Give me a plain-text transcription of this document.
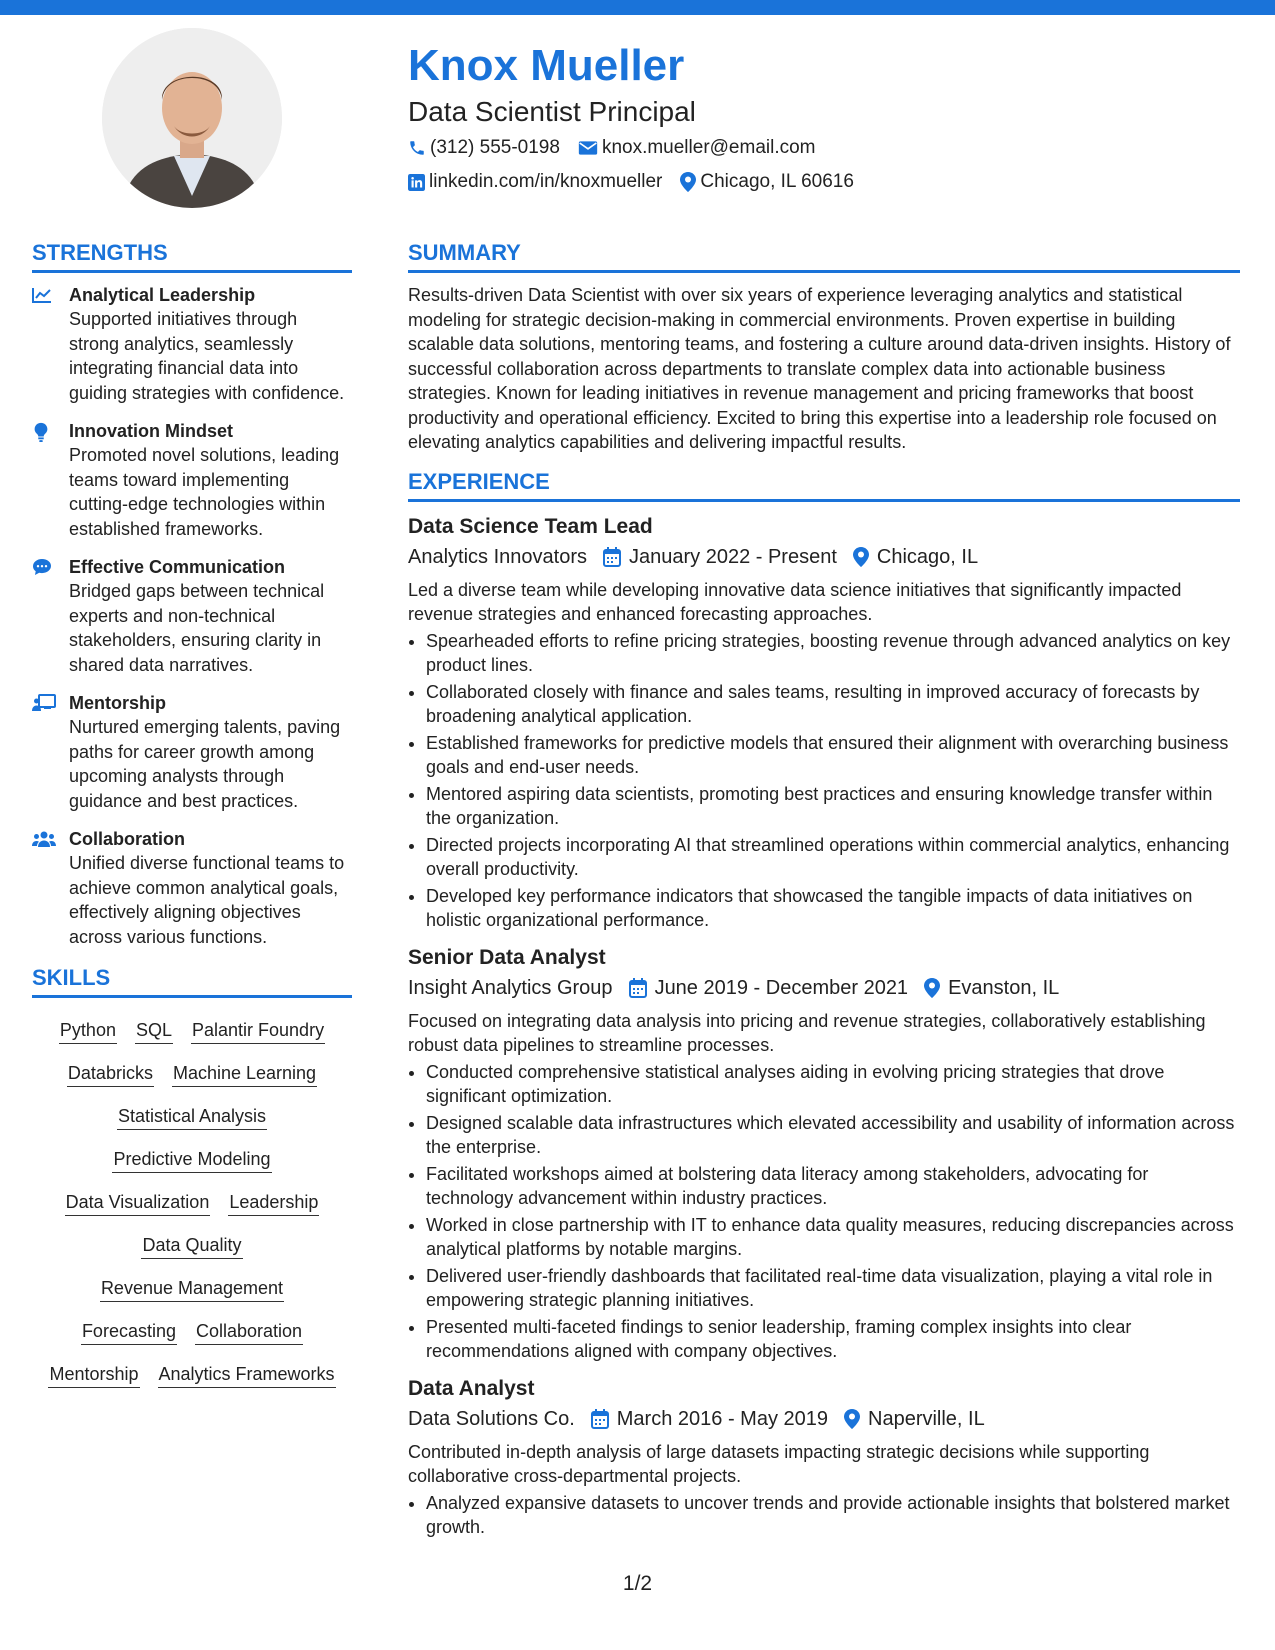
Knox Mueller
Data Scientist Principal
(312) 555-0198 knox.mueller@email.com
linkedin.com/in/knoxmueller Chicago, IL 60616
STRENGTHS
Analytical Leadership
Supported initiatives through strong analytics, seamlessly integrating financial data into guiding strategies with confidence.
Innovation Mindset
Promoted novel solutions, leading teams toward implementing cutting-edge technologies within established frameworks.
Effective Communication
Bridged gaps between technical experts and non-technical stakeholders, ensuring clarity in shared data narratives.
Mentorship
Nurtured emerging talents, paving paths for career growth among upcoming analysts through guidance and best practices.
Collaboration
Unified diverse functional teams to achieve common analytical goals, effectively aligning objectives across various functions.
SKILLS
Python SQL Palantir Foundry
Databricks Machine Learning
Statistical Analysis
Predictive Modeling
Data Visualization Leadership
Data Quality
Revenue Management
Forecasting Collaboration
Mentorship Analytics Frameworks
SUMMARY
Results-driven Data Scientist with over six years of experience leveraging analytics and statistical modeling for strategic decision-making in commercial environments. Proven expertise in building scalable data solutions, mentoring teams, and fostering a culture around data-driven insights. History of successful collaboration across departments to translate complex data into actionable business strategies. Known for leading initiatives in revenue management and pricing frameworks that boost productivity and operational efficiency. Excited to bring this expertise into a leadership role focused on elevating analytics capabilities and delivering impactful results.
EXPERIENCE
Data Science Team Lead
Analytics Innovators January 2022 - Present Chicago, IL
Led a diverse team while developing innovative data science initiatives that significantly impacted revenue strategies and enhanced forecasting approaches.
• Spearheaded efforts to refine pricing strategies, boosting revenue through advanced analytics on key product lines.
• Collaborated closely with finance and sales teams, resulting in improved accuracy of forecasts by broadening analytical application.
• Established frameworks for predictive models that ensured their alignment with overarching business goals and end-user needs.
• Mentored aspiring data scientists, promoting best practices and ensuring knowledge transfer within the organization.
• Directed projects incorporating AI that streamlined operations within commercial analytics, enhancing overall productivity.
• Developed key performance indicators that showcased the tangible impacts of data initiatives on holistic organizational performance.
Senior Data Analyst
Insight Analytics Group June 2019 - December 2021 Evanston, IL
Focused on integrating data analysis into pricing and revenue strategies, collaboratively establishing robust data pipelines to streamline processes.
• Conducted comprehensive statistical analyses aiding in evolving pricing strategies that drove significant optimization.
• Designed scalable data infrastructures which elevated accessibility and usability of information across the enterprise.
• Facilitated workshops aimed at bolstering data literacy among stakeholders, advocating for technology advancement within industry practices.
• Worked in close partnership with IT to enhance data quality measures, reducing discrepancies across analytical platforms by notable margins.
• Delivered user-friendly dashboards that facilitated real-time data visualization, playing a vital role in empowering strategic planning initiatives.
• Presented multi-faceted findings to senior leadership, framing complex insights into clear recommendations aligned with company objectives.
Data Analyst
Data Solutions Co. March 2016 - May 2019 Naperville, IL
Contributed in-depth analysis of large datasets impacting strategic decisions while supporting collaborative cross-departmental projects.
• Analyzed expansive datasets to uncover trends and provide actionable insights that bolstered market growth.
1/2
